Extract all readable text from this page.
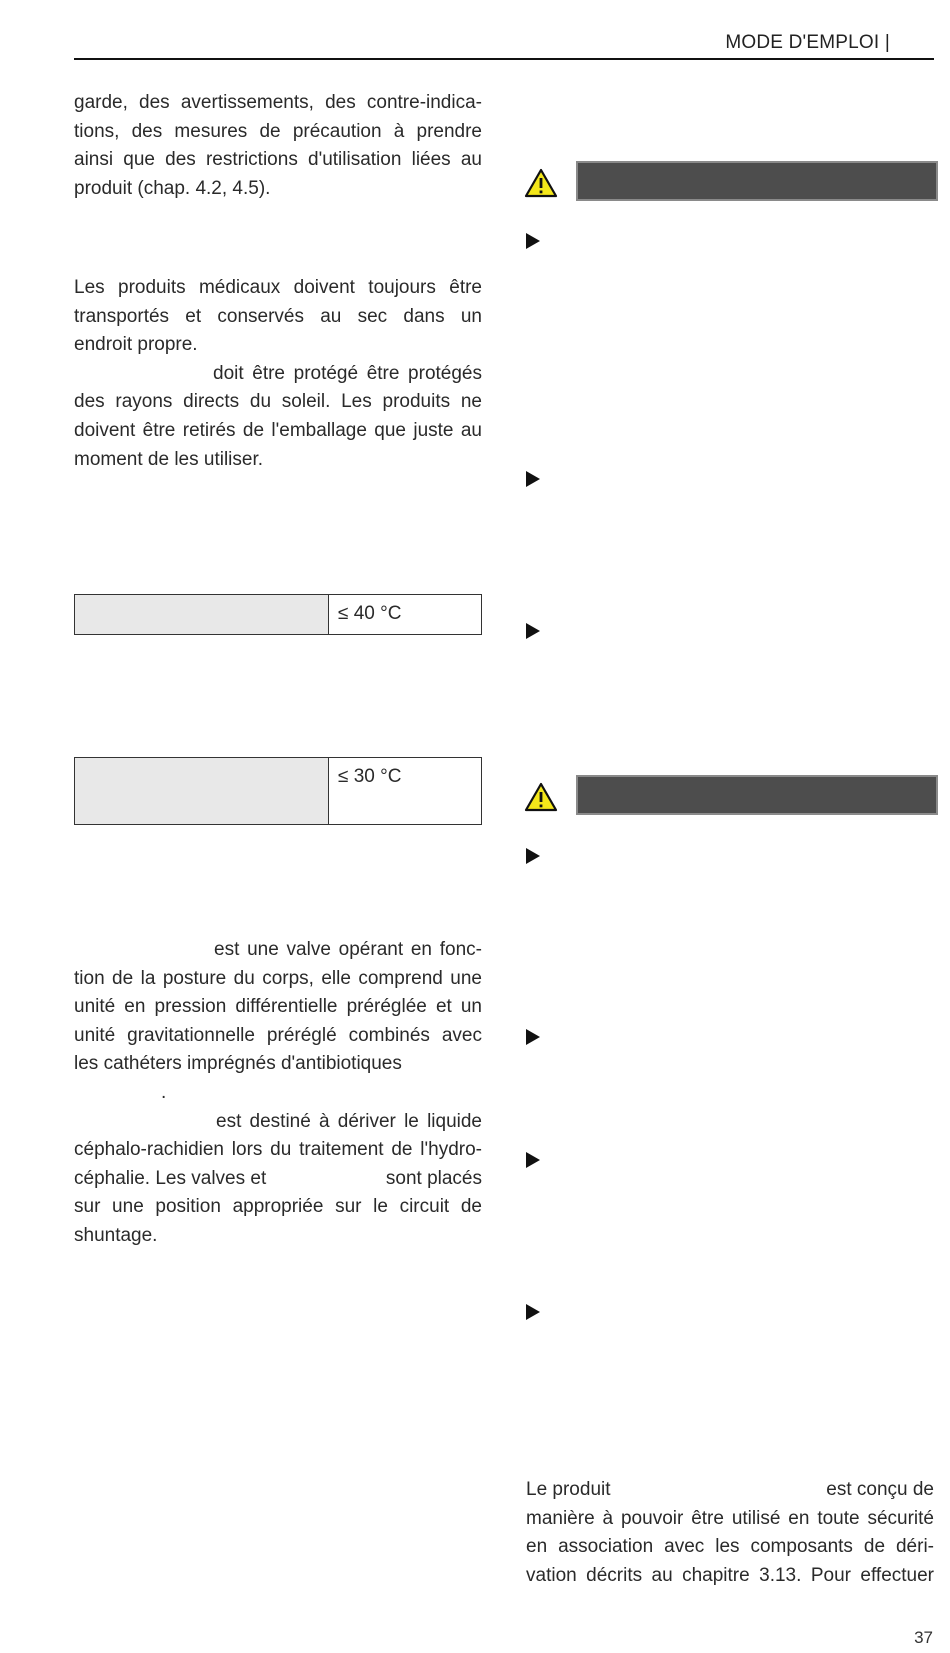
MODE D'EMPLOI |

garde, des avertissements, des contre-indica-
tions, des mesures de précaution à prendre
ainsi que des restrictions d'utilisation liées au
produit (chap. 4.2, 4.5).

Les produits médicaux doivent toujours être
transportés et conservés au sec dans un
endroit propre.
doit être protégé être protégés
des rayons directs du soleil. Les produits ne
doivent être retirés de l'emballage que juste au
moment de les utiliser.

≤ 40 °C
≤ 30 °C

est une valve opérant en fonc-
tion de la posture du corps, elle comprend une
unité en pression différentielle préréglée et un
unité gravitationnelle préréglé combinés avec
les cathéters imprégnés d'antibiotiques
.
est destiné à dériver le liquide
céphalo-rachidien lors du traitement de l'hydro-
céphalie. Les valves et	sont placés
sur une position appropriée sur le circuit de
shuntage.

Le produit	est conçu de
manière à pouvoir être utilisé en toute sécurité
en association avec les composants de déri-
vation décrits au chapitre 3.13. Pour effectuer

37
